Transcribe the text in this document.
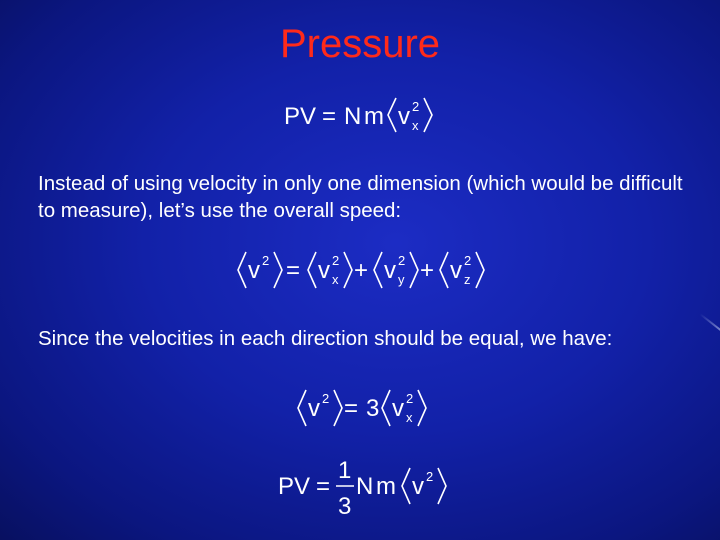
Pressure
PV = N m v 2
x
Instead of using velocity in only one dimension (which would be difficult to measure), let’s use the overall speed:
v 2 = v 2
x + v 2
y + v 2
z
Since the velocities in each direction should be equal, we have:
v 2 = 3 v 2
x
PV =
1
3
N m v 2
